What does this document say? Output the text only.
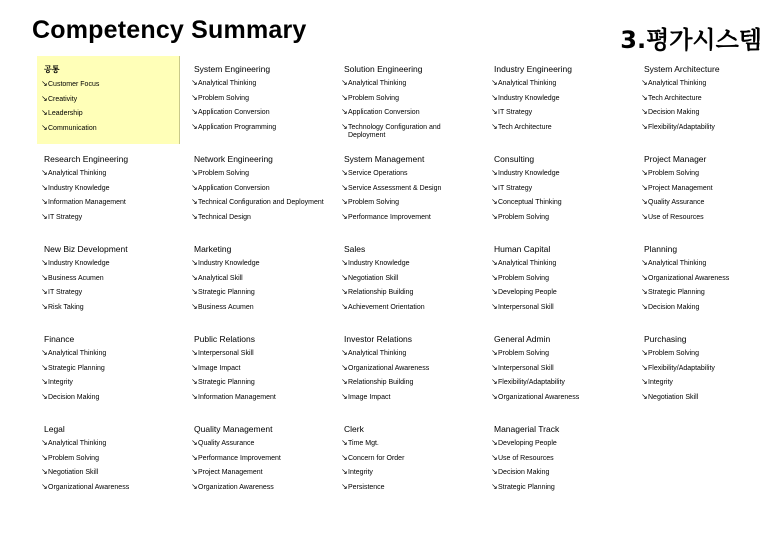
Competency Summary	3.평가시스템
공통
↘ Customer Focus
↘ Creativity
↘ Leadership
↘ Communication
Research Engineering
↘ Analytical Thinking
↘ Industry Knowledge
↘ Information Management
↘ IT Strategy
New Biz Development
↘ Industry Knowledge
↘ Business Acumen
↘ IT Strategy
↘ Risk Taking
Finance
↘ Analytical Thinking
↘ Strategic Planning
↘ Integrity
↘ Decision Making
Legal
↘ Analytical Thinking
↘ Problem Solving
↘ Negotiation Skill
↘ Organizational Awareness
System Engineering
↘ Analytical Thinking
↘ Problem Solving
↘ Application Conversion
↘ Application Programming
Network Engineering
↘ Problem Solving
↘ Application Conversion
↘ Technical Configuration and Deployment
↘ Technical Design
Marketing
↘ Industry Knowledge
↘ Analytical Skill
↘ Strategic Planning
↘ Business Acumen
Public Relations
↘ Interpersonal Skill
↘ Image Impact
↘ Strategic Planning
↘ Information Management
Quality Management
↘ Quality Assurance
↘ Performance Improvement
↘ Project Management
↘ Organization Awareness
Solution Engineering
↘ Analytical Thinking
↘ Problem Solving
↘ Application Conversion
↘ Technology Configuration and Deployment
System Management
↘ Service Operations
↘ Service Assessment & Design
↘ Problem Solving
↘ Performance Improvement
Sales
↘ Industry Knowledge
↘ Negotiation Skill
↘ Relationship Building
↘ Achievement Orientation
Investor Relations
↘ Analytical Thinking
↘ Organizational Awareness
↘ Relationship Building
↘ Image Impact
Clerk
↘ Time Mgt.
↘ Concern for Order
↘ Integrity
↘ Persistence
Industry Engineering
↘ Analytical Thinking
↘ Industry Knowledge
↘ IT Strategy
↘ Tech Architecture
Consulting
↘ Industry Knowledge
↘ IT Strategy
↘ Conceptual Thinking
↘ Problem Solving
Human Capital
↘ Analytical Thinking
↘ Problem Solving
↘ Developing People
↘ Interpersonal Skill
General Admin
↘ Problem Solving
↘ Interpersonal Skill
↘ Flexibility/Adaptability
↘ Organizational Awareness
Managerial Track
↘ Developing People
↘ Use of Resources
↘ Decision Making
↘ Strategic Planning
System Architecture
↘ Analytical Thinking
↘ Tech Architecture
↘ Decision Making
↘ Flexibility/Adaptability
Project Manager
↘ Problem Solving
↘ Project Management
↘ Quality Assurance
↘ Use of Resources
Planning
↘ Analytical Thinking
↘ Organizational Awareness
↘ Strategic Planning
↘ Decision Making
Purchasing
↘ Problem Solving
↘ Flexibility/Adaptability
↘ Integrity
↘ Negotiation Skill
